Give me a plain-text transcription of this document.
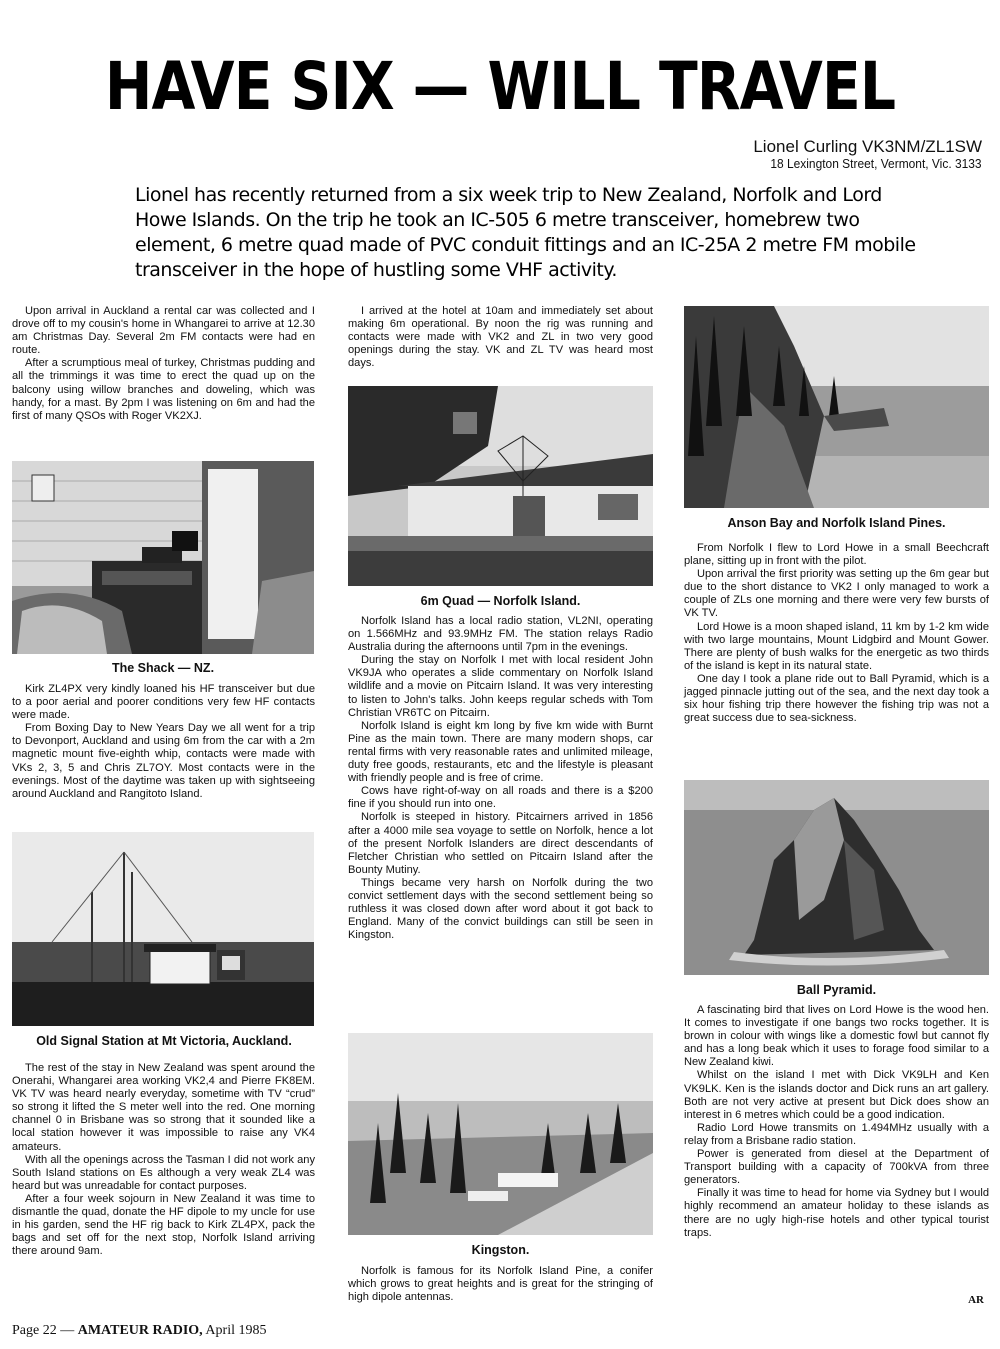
HAVE SIX — WILL TRAVEL
Lionel Curling VK3NM/ZL1SW
18 Lexington Street, Vermont, Vic. 3133
Lionel has recently returned from a six week trip to New Zealand, Norfolk and Lord Howe Islands. On the trip he took an IC-505 6 metre transceiver, homebrew two element, 6 metre quad made of PVC conduit fittings and an IC-25A 2 metre FM mobile transceiver in the hope of hustling some VHF activity.

Upon arrival in Auckland a rental car was collected and I drove off to my cousin's home in Whangarei to arrive at 12.30 am Christmas Day. Several 2m FM contacts were had en route.

After a scrumptious meal of turkey, Christmas pudding and all the trimmings it was time to erect the quad up on the balcony using willow branches and doweling, which was handy, for a mast. By 2pm I was listening on 6m and had the first of many QSOs with Roger VK2XJ.

The Shack — NZ.

Kirk ZL4PX very kindly loaned his HF transceiver but due to a poor aerial and poorer conditions very few HF contacts were made.

From Boxing Day to New Years Day we all went for a trip to Devonport, Auckland and using 6m from the car with a 2m magnetic mount five-eighth whip, contacts were made with VKs 2, 3, 5 and Chris ZL7OY. Most contacts were in the evenings. Most of the daytime was taken up with sightseeing around Auckland and Rangitoto Island.

Old Signal Station at Mt Victoria, Auckland.

The rest of the stay in New Zealand was spent around the Onerahi, Whangarei area working VK2,4 and Pierre FK8EM. VK TV was heard nearly everyday, sometime with TV “crud” so strong it lifted the S meter well into the red. One morning channel 0 in Brisbane was so strong that it sounded like a local station however it was impossible to raise any VK4 amateurs.

With all the openings across the Tasman I did not work any South Island stations on Es although a very weak ZL4 was heard but was unreadable for contact purposes.

After a four week sojourn in New Zealand it was time to dismantle the quad, donate the HF dipole to my uncle for use in his garden, send the HF rig back to Kirk ZL4PX, pack the bags and set off for the next stop, Norfolk Island arriving there around 9am.

I arrived at the hotel at 10am and immediately set about making 6m operational. By noon the rig was running and contacts were made with VK2 and ZL in two very good openings during the stay. VK and ZL TV was heard most days.

6m Quad — Norfolk Island.

Norfolk Island has a local radio station, VL2NI, operating on 1.566MHz and 93.9MHz FM. The station relays Radio Australia during the afternoons until 7pm in the evenings.

During the stay on Norfolk I met with local resident John VK9JA who operates a slide commentary on Norfolk Island wildlife and a movie on Pitcairn Island. It was very interesting to listen to John's talks. John keeps regular scheds with Tom Christian VR6TC on Pitcairn.

Norfolk Island is eight km long by five km wide with Burnt Pine as the main town. There are many modern shops, car rental firms with very reasonable rates and unlimited mileage, duty free goods, restaurants, etc and the lifestyle is pleasant with friendly people and is free of crime.

Cows have right-of-way on all roads and there is a $200 fine if you should run into one.

Norfolk is steeped in history. Pitcairners arrived in 1856 after a 4000 mile sea voyage to settle on Norfolk, hence a lot of the present Norfolk Islanders are direct descendants of Fletcher Christian who settled on Pitcairn Island after the Bounty Mutiny.

Things became very harsh on Norfolk during the two convict settlement days with the second settlement being so ruthless it was closed down after word about it got back to England. Many of the convict buildings can still be seen in Kingston.

Kingston.

Norfolk is famous for its Norfolk Island Pine, a conifer which grows to great heights and is great for the stringing of high dipole antennas.

Anson Bay and Norfolk Island Pines.

From Norfolk I flew to Lord Howe in a small Beechcraft plane, sitting up in front with the pilot.

Upon arrival the first priority was setting up the 6m gear but due to the short distance to VK2 I only managed to work a couple of ZLs one morning and there were very few bursts of VK TV.

Lord Howe is a moon shaped island, 11 km by 1-2 km wide with two large mountains, Mount Lidgbird and Mount Gower. There are plenty of bush walks for the energetic as two thirds of the island is kept in its natural state.

One day I took a plane ride out to Ball Pyramid, which is a jagged pinnacle jutting out of the sea, and the next day took a six hour fishing trip there however the fishing trip was not a great success due to sea-sickness.

Ball Pyramid.

A fascinating bird that lives on Lord Howe is the wood hen. It comes to investigate if one bangs two rocks together. It is brown in colour with wings like a domestic fowl but cannot fly and has a long beak which it uses to forage food similar to a New Zealand kiwi.

Whilst on the island I met with Dick VK9LH and Ken VK9LK. Ken is the islands doctor and Dick runs an art gallery. Both are not very active at present but Dick does show an interest in 6 metres which could be a good indication.

Radio Lord Howe transmits on 1.494MHz usually with a relay from a Brisbane radio station.

Power is generated from diesel at the Department of Transport building with a capacity of 700kVA from three generators.

Finally it was time to head for home via Sydney but I would highly recommend an amateur holiday to these islands as there are no ugly high-rise hotels and other typical tourist traps.

AR
Page 22 — AMATEUR RADIO, April 1985
